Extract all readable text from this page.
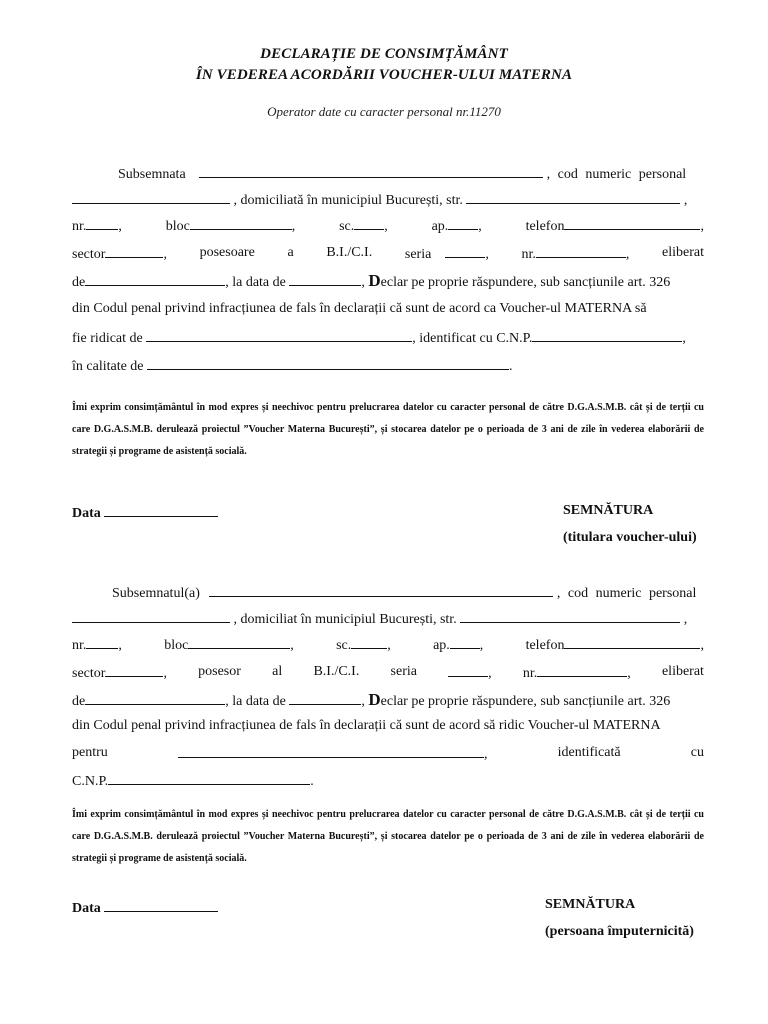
DECLARAȚIE DE CONSIMȚĂMÂNT
ÎN VEDEREA ACORDĂRII VOUCHER-ULUI MATERNA
Operator date cu caracter personal nr.11270
Subsemnata	, cod numeric personal
, domiciliată în municipiul București, str.	,
nr. ,	bloc	,	sc. ,	ap. ,	telefon	,
sector	, posesoare a B.I./C.I. seria	, nr.	, eliberat
de	, la data de	, Declar pe proprie răspundere, sub sancțiunile art. 326
din Codul penal privind infracțiunea de fals în declarații că sunt de acord ca Voucher-ul MATERNA să
fie ridicat de	, identificat cu C.N.P.	,
în calitate de	.
Îmi exprim consimțământul în mod expres și neechivoc pentru prelucrarea datelor cu caracter personal de către D.G.A.S.M.B. cât și de terții cu care D.G.A.S.M.B. derulează proiectul ”Voucher Materna București”, și stocarea datelor pe o perioada de 3 ani de zile în vederea elaborării de strategii și programe de asistență socială.
Data	SEMNĂTURA
(titulara voucher-ului)
Subsemnatul(a)	, cod numeric personal
, domiciliat în municipiul București, str.	,
nr. ,	bloc	,	sc.	,	ap. ,	telefon	,
sector	, posesor al B.I./C.I. seria	, nr.	, eliberat
de	, la data de	, Declar pe proprie răspundere, sub sancțiunile art. 326
din Codul penal privind infracțiunea de fals în declarații că sunt de acord să ridic Voucher-ul MATERNA
pentru	,	identificată	cu
C.N.P.	.
Îmi exprim consimțământul în mod expres și neechivoc pentru prelucrarea datelor cu caracter personal de către D.G.A.S.M.B. cât și de terții cu care D.G.A.S.M.B. derulează proiectul ”Voucher Materna București”, și stocarea datelor pe o perioada de 3 ani de zile în vederea elaborării de strategii și programe de asistență socială.
Data	SEMNĂTURA
(persoana împuternicită)
